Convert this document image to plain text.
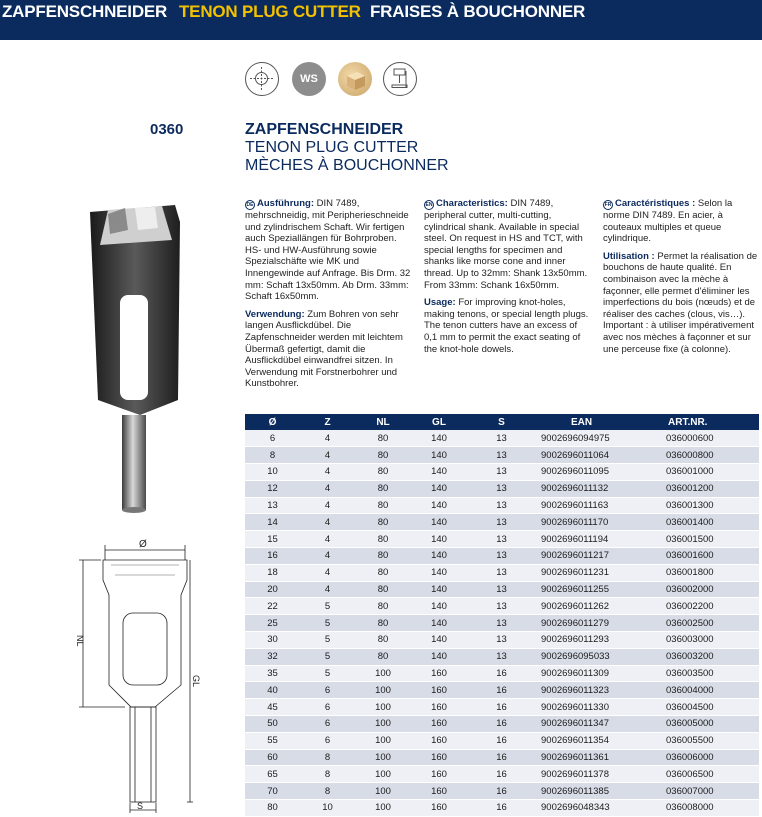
ZAPFENSCHNEIDER TENON PLUG CUTTER FRAISES À BOUCHONNER
0360
WS
ZAPFENSCHNEIDER
TENON PLUG CUTTER
MÈCHES À BOUCHONNER

DE Ausführung: DIN 7489, mehrschneidig, mit Peripherieschneide und zylindrischem Schaft. Wir fertigen auch Speziallängen für Bohrproben. HS- und HW-Ausführung sowie Spezialschäfte wie MK und Innengewinde auf Anfrage. Bis Drm. 32 mm: Schaft 13x50mm. Ab Drm. 33mm: Schaft 16x50mm.

Verwendung: Zum Bohren von sehr langen Ausflickdübel. Die Zapfenschneider werden mit leichtem Übermaß gefertigt, damit die Ausflickdübel einwandfrei sitzen. In Verwendung mit Forstnerbohrer und Kunstbohrer.

EN Characteristics: DIN 7489, peripheral cutter, multi-cutting, cylindrical shank. Available in special steel. On request in HS and TCT, with special lengths for specimen and shanks like morse cone and inner thread. Up to 32mm: Shank 13x50mm. From 33mm: Schank 16x50mm.

Usage: For improving knot-holes, making tenons, or special length plugs. The tenon cutters have an excess of 0,1 mm to permit the exact seating of the knot-hole dowels.

FR Caractéristiques : Selon la norme DIN 7489. En acier, à couteaux multiples et queue cylindrique.

Utilisation : Permet la réalisation de bouchons de haute qualité. En combinaison avec la mèche à façonner, elle permet d'éliminer les imperfections du bois (nœuds) et de réaliser des caches (clous, vis…). Important : à utiliser impérativement avec nos mèches à façonner et sur une perceuse fixe (à colonne).

Ø
NL
GL
S
Ø	Z	NL	GL	S	EAN	ART.NR.
6	4	80	140	13	9002696094975	036000600
8	4	80	140	13	9002696011064	036000800
10	4	80	140	13	9002696011095	036001000
12	4	80	140	13	9002696011132	036001200
13	4	80	140	13	9002696011163	036001300
14	4	80	140	13	9002696011170	036001400
15	4	80	140	13	9002696011194	036001500
16	4	80	140	13	9002696011217	036001600
18	4	80	140	13	9002696011231	036001800
20	4	80	140	13	9002696011255	036002000
22	5	80	140	13	9002696011262	036002200
25	5	80	140	13	9002696011279	036002500
30	5	80	140	13	9002696011293	036003000
32	5	80	140	13	9002696095033	036003200
35	5	100	160	16	9002696011309	036003500
40	6	100	160	16	9002696011323	036004000
45	6	100	160	16	9002696011330	036004500
50	6	100	160	16	9002696011347	036005000
55	6	100	160	16	9002696011354	036005500
60	8	100	160	16	9002696011361	036006000
65	8	100	160	16	9002696011378	036006500
70	8	100	160	16	9002696011385	036007000
80	10	100	160	16	9002696048343	036008000
